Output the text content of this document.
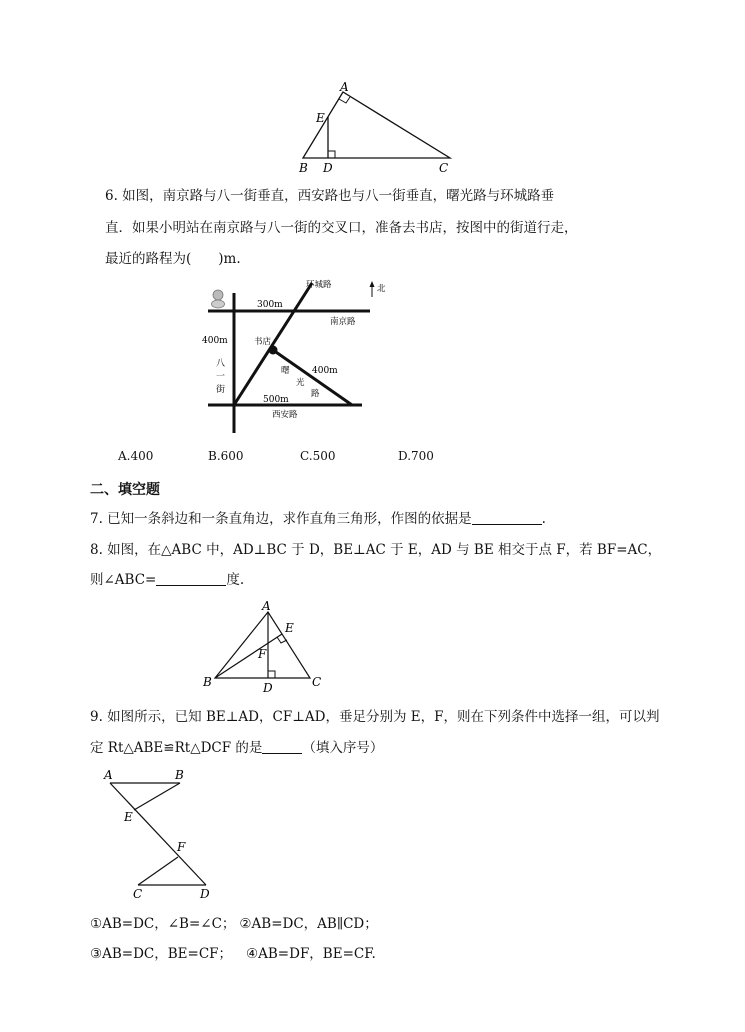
A
E
B D	C
6. 如图，南京路与八一街垂直，西安路也与八一街垂直，曙光路与环城路垂
直．如果小明站在南京路与八一街的交叉口，准备去书店，按图中的街道行走，
最近的路程为(　　)m.
北
环城路
300m
南京路
400m	书店
八
一
街
曙
光
路
400m
500m
西安路
A.400	B.600	C.500	D.700
二、填空题
7. 已知一条斜边和一条直角边，求作直角三角形，作图的依据是	.
8. 如图，在△ABC 中，AD⊥BC 于 D，BE⊥AC 于 E，AD 与 BE 相交于点 F，若 BF=AC，
则∠ABC=	度.
A
E
F
B	D	C
9. 如图所示，已知 BE⊥AD，CF⊥AD，垂足分别为 E，F，则在下列条件中选择一组，可以判
定 Rt△ABE≌Rt△DCF 的是	（填入序号）
A	B
E
F
C	D
①AB=DC，∠B=∠C； ②AB=DC，AB∥CD；
③AB=DC，BE=CF； ④AB=DF，BE=CF.
